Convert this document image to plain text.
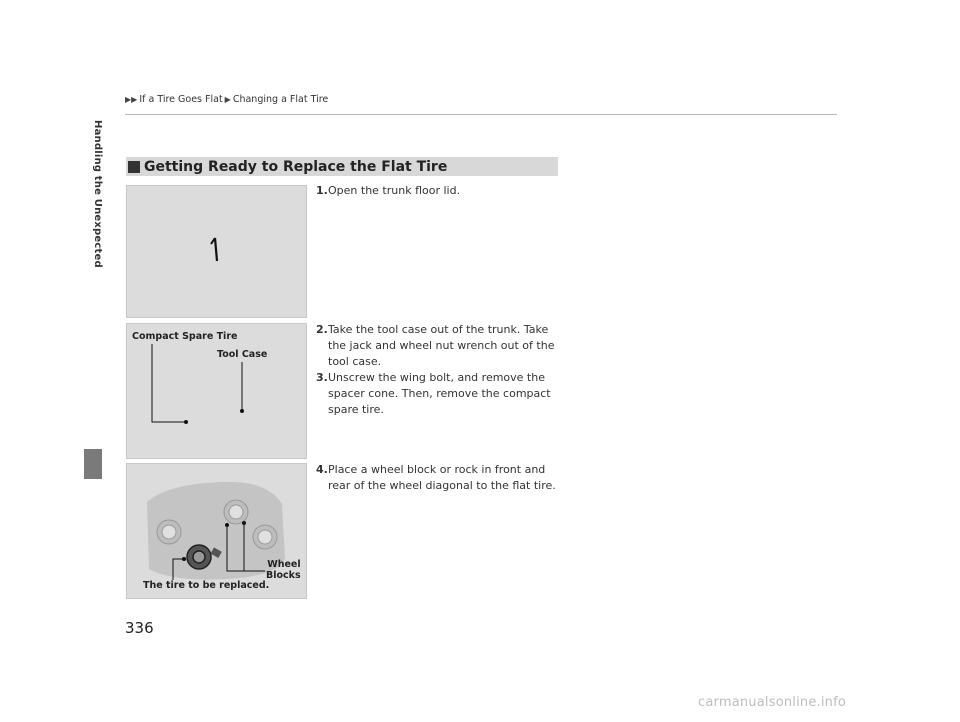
Handling the Unexpected
▶▶ If a Tire Goes Flat ▶ Changing a Flat Tire
Getting Ready to Replace the Flat Tire
Compact Spare Tire
Tool Case
Wheel
Blocks
The tire to be replaced.
1. Open the trunk floor lid.
2. Take the tool case out of the trunk. Take the jack and wheel nut wrench out of the tool case.
3. Unscrew the wing bolt, and remove the spacer cone. Then, remove the compact spare tire.
4. Place a wheel block or rock in front and rear of the wheel diagonal to the flat tire.
336
carmanualsonline.info
